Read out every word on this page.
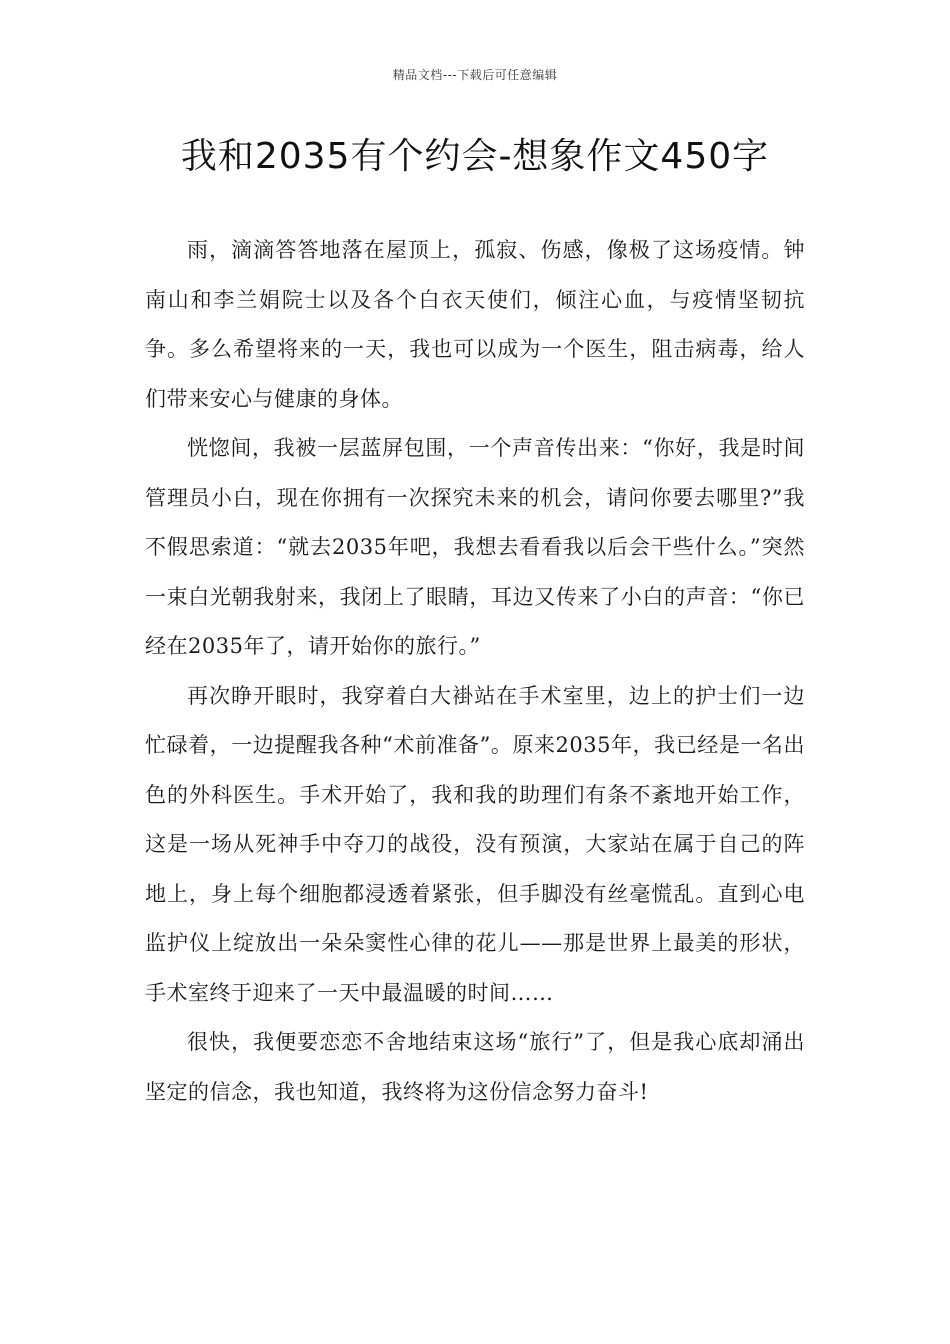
精品文档---下载后可任意编辑
我和2035有个约会-想象作文450字

雨，滴滴答答地落在屋顶上，孤寂、伤感，像极了这场疫情。钟南山和李兰娟院士以及各个白衣天使们，倾注心血，与疫情坚韧抗争。多么希望将来的一天，我也可以成为一个医生，阻击病毒，给人们带来安心与健康的身体。

恍惚间，我被一层蓝屏包围，一个声音传出来：“你好，我是时间管理员小白，现在你拥有一次探究未来的机会，请问你要去哪里?”我不假思索道：“就去2035年吧，我想去看看我以后会干些什么。”突然一束白光朝我射来，我闭上了眼睛，耳边又传来了小白的声音：“你已经在2035年了，请开始你的旅行。”

再次睁开眼时，我穿着白大褂站在手术室里，边上的护士们一边忙碌着，一边提醒我各种“术前准备”。原来2035年，我已经是一名出色的外科医生。手术开始了，我和我的助理们有条不紊地开始工作，这是一场从死神手中夺刀的战役，没有预演，大家站在属于自己的阵地上，身上每个细胞都浸透着紧张，但手脚没有丝毫慌乱。直到心电监护仪上绽放出一朵朵窦性心律的花儿——那是世界上最美的形状，手术室终于迎来了一天中最温暖的时间……

很快，我便要恋恋不舍地结束这场“旅行”了，但是我心底却涌出坚定的信念，我也知道，我终将为这份信念努力奋斗!
